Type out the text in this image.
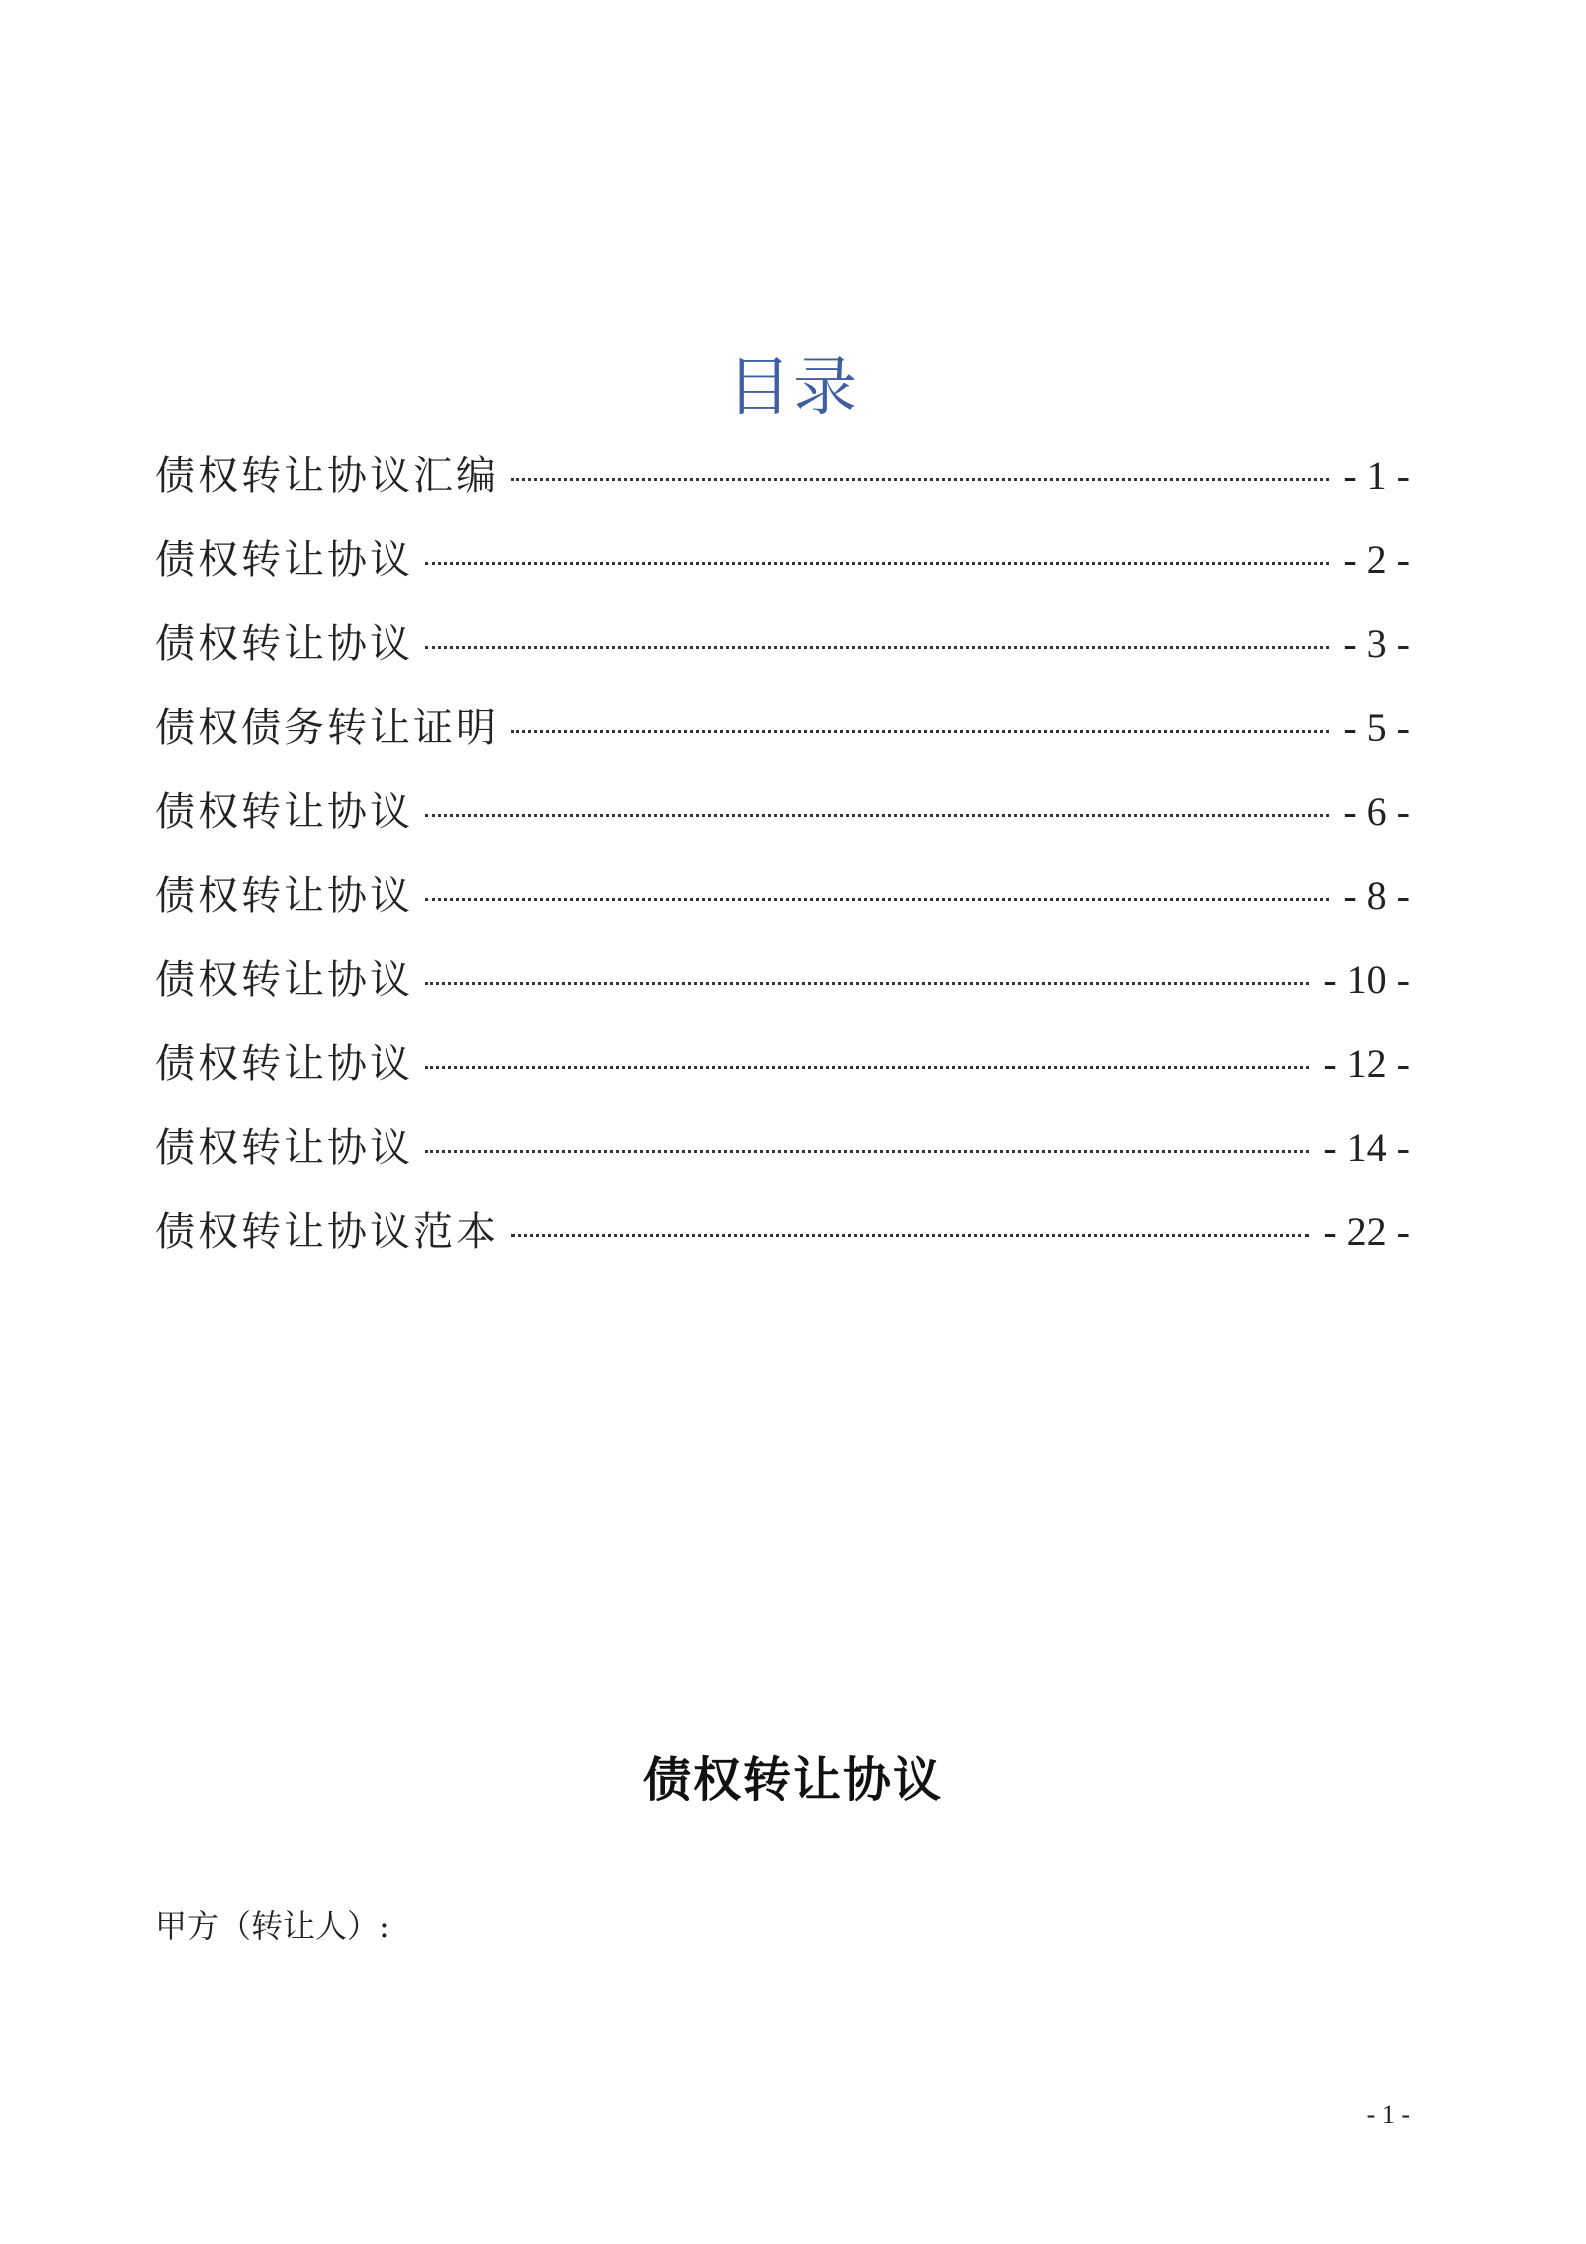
目录
债权转让协议汇编	- 1 -
债权转让协议	- 2 -
债权转让协议	- 3 -
债权债务转让证明	- 5 -
债权转让协议	- 6 -
债权转让协议	- 8 -
债权转让协议	- 10 -
债权转让协议	- 12 -
债权转让协议	- 14 -
债权转让协议范本	- 22 -
债权转让协议
甲方（转让人）:
- 1 -
